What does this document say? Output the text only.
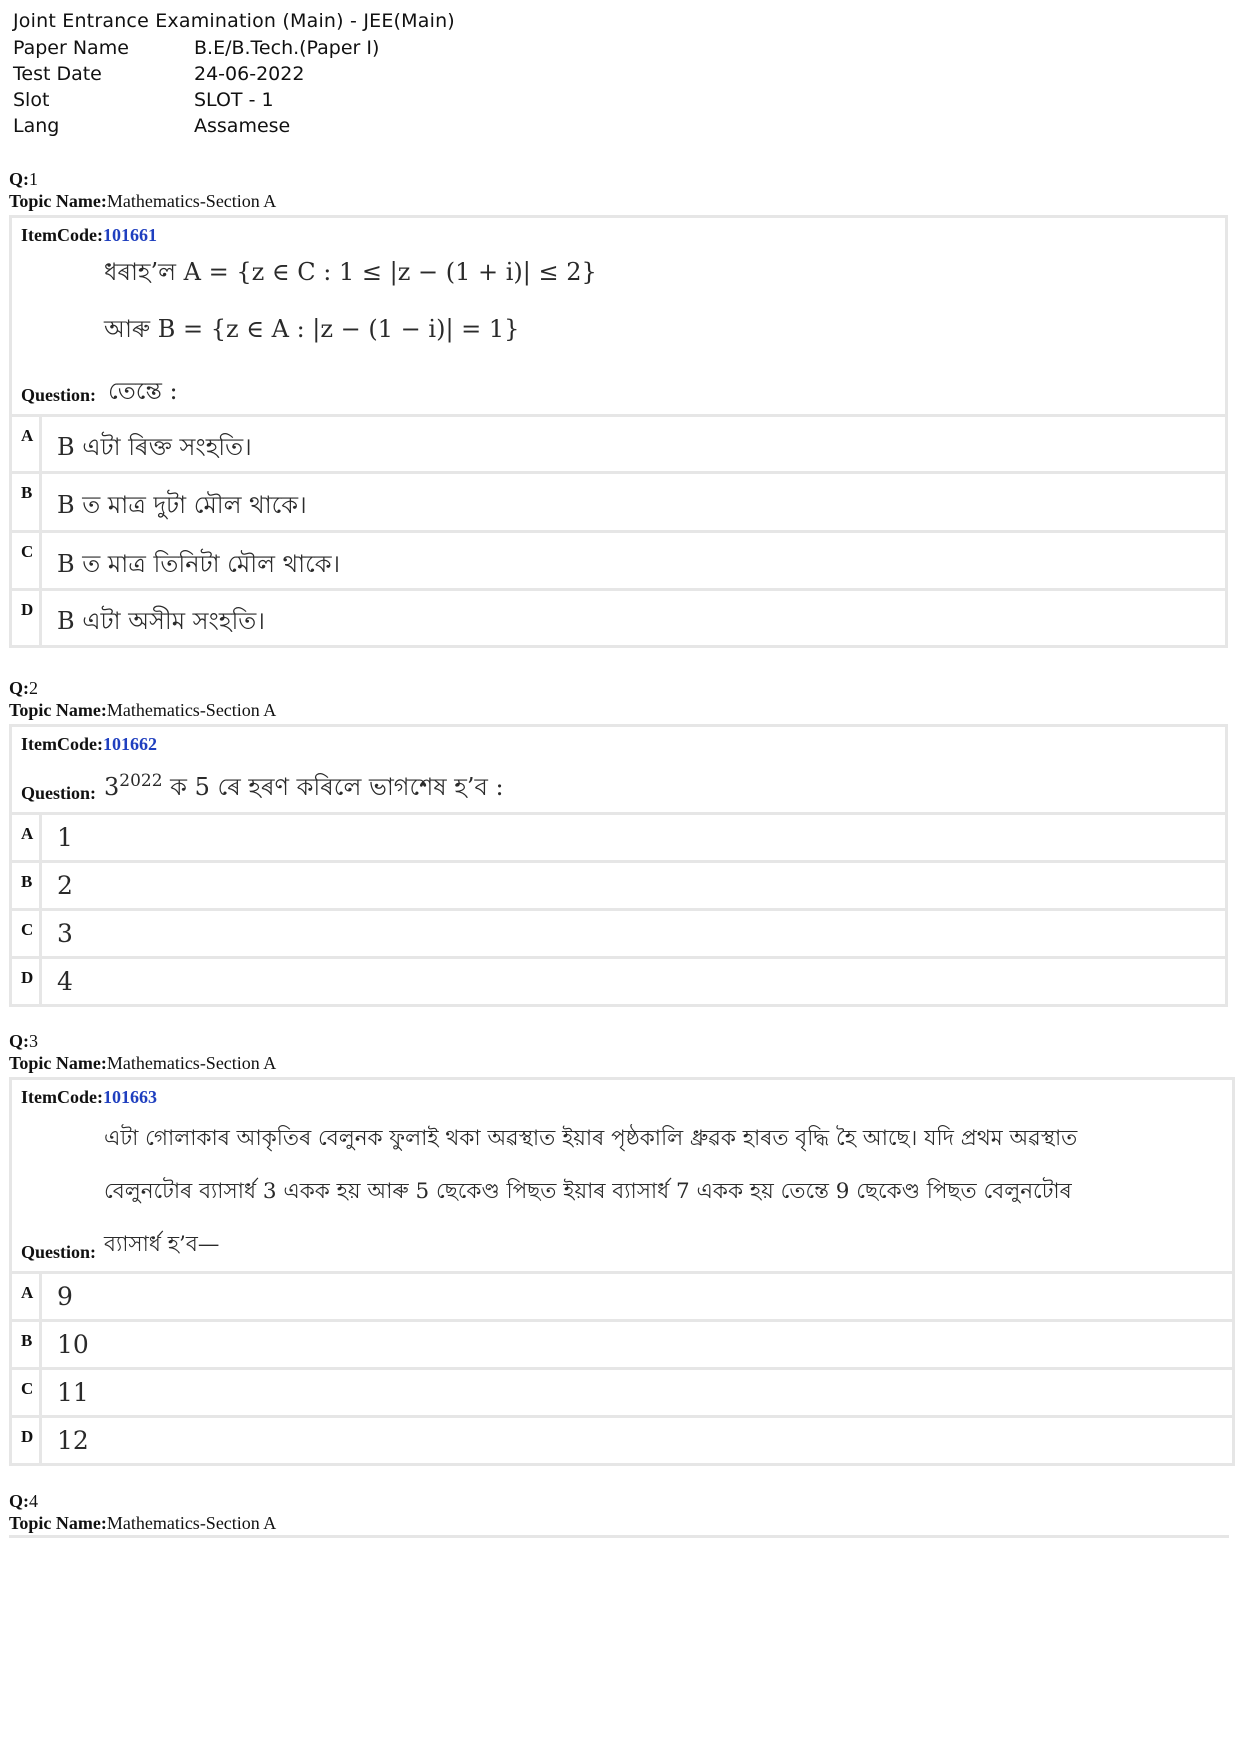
Joint Entrance Examination (Main) - JEE(Main)
Paper Name	B.E/B.Tech.(Paper I)
Test Date	24-06-2022
Slot	SLOT - 1
Lang	Assamese
Q:1
Topic Name:Mathematics-Section A
ItemCode:101661
ধৰাহ’ল A = {z ∈ C : 1 ≤ |z − (1 + i)| ≤ 2}
আৰু B = {z ∈ A : |z − (1 − i)| = 1}
Question: তেন্তে :
A B এটা ৰিক্ত সংহতি।
B	B ত মাত্ৰ দুটা মৌল থাকে।
C B ত মাত্ৰ তিনিটা মৌল থাকে।
D B এটা অসীম সংহতি।
Q:2
Topic Name:Mathematics-Section A
ItemCode:101662
Question: $3^{2022}$ ক 5 ৰে হৰণ কৰিলে ভাগশেষ হ’ব :
A 1
B 2
C 3
D 4
Q:3
Topic Name:Mathematics-Section A
ItemCode:101663
এটা গোলাকাৰ আকৃতিৰ বেলুনক ফুলাই থকা অৱস্থাত ইয়াৰ পৃষ্ঠকালি ধ্ৰুৱক হাৰত বৃদ্ধি হৈ আছে। যদি প্ৰথম অৱস্থাত
বেলুনটোৰ ব্যাসাৰ্ধ 3 একক হয় আৰু 5 ছেকেণ্ড পিছত ইয়াৰ ব্যাসাৰ্ধ 7 একক হয় তেন্তে 9 ছেকেণ্ড পিছত বেলুনটোৰ
Question: ব্যাসাৰ্ধ হ’ব—
A 9
B 10
C 11
D 12
Q:4
Topic Name:Mathematics-Section A
